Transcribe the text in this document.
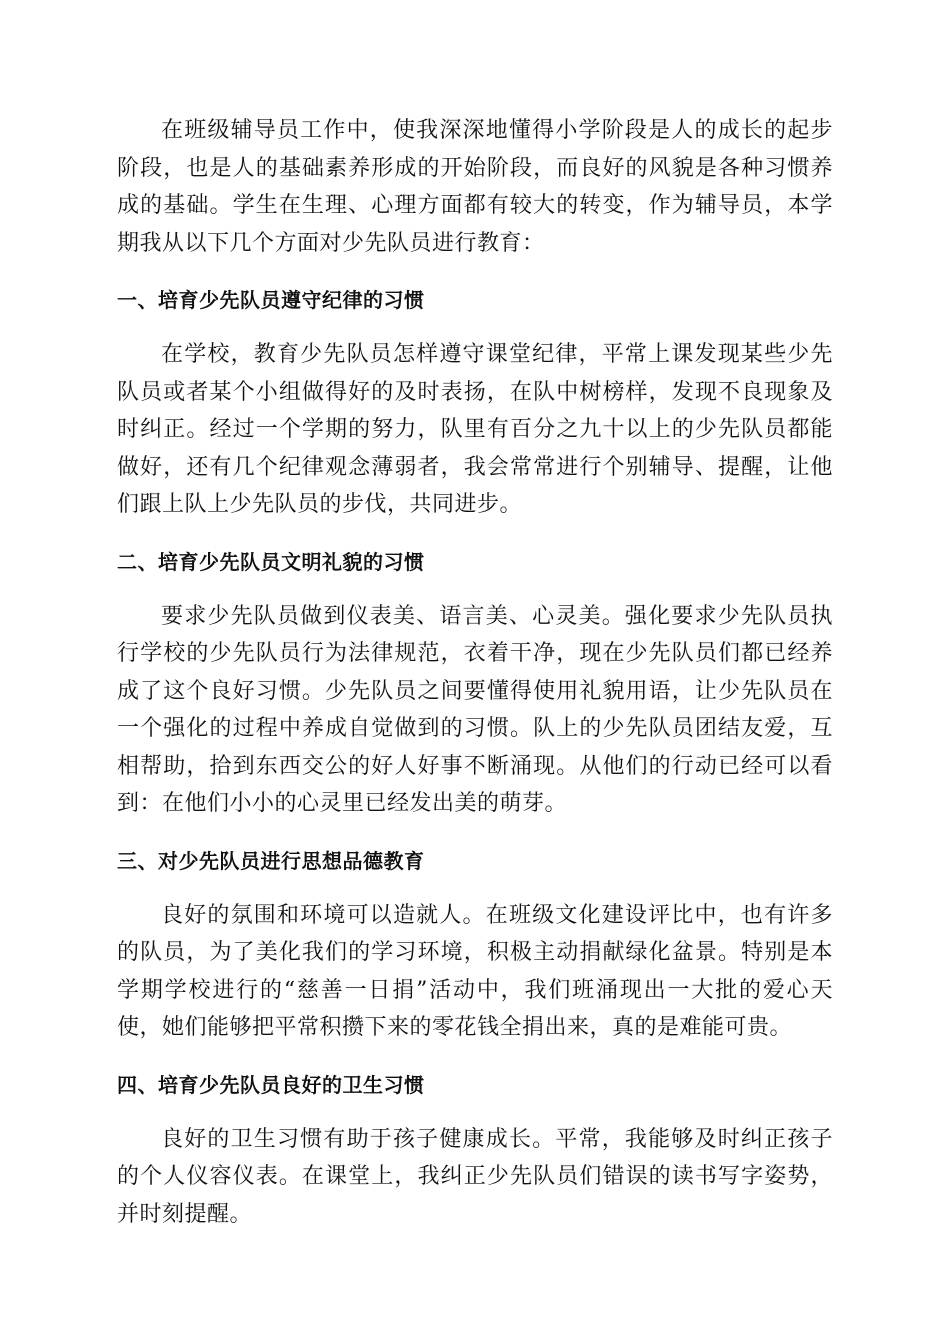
在班级辅导员工作中，使我深深地懂得小学阶段是人的成长的起步阶段，也是人的基础素养形成的开始阶段，而良好的风貌是各种习惯养成的基础。学生在生理、心理方面都有较大的转变，作为辅导员，本学期我从以下几个方面对少先队员进行教育：

一、培育少先队员遵守纪律的习惯

在学校，教育少先队员怎样遵守课堂纪律，平常上课发现某些少先队员或者某个小组做得好的及时表扬，在队中树榜样，发现不良现象及时纠正。经过一个学期的努力，队里有百分之九十以上的少先队员都能做好，还有几个纪律观念薄弱者，我会常常进行个别辅导、提醒，让他们跟上队上少先队员的步伐，共同进步。

二、培育少先队员文明礼貌的习惯

要求少先队员做到仪表美、语言美、心灵美。强化要求少先队员执行学校的少先队员行为法律规范，衣着干净，现在少先队员们都已经养成了这个良好习惯。少先队员之间要懂得使用礼貌用语，让少先队员在一个强化的过程中养成自觉做到的习惯。队上的少先队员团结友爱，互相帮助，拾到东西交公的好人好事不断涌现。从他们的行动已经可以看到：在他们小小的心灵里已经发出美的萌芽。

三、对少先队员进行思想品德教育

良好的氛围和环境可以造就人。在班级文化建设评比中，也有许多的队员，为了美化我们的学习环境，积极主动捐献绿化盆景。特别是本学期学校进行的“慈善一日捐”活动中，我们班涌现出一大批的爱心天使，她们能够把平常积攒下来的零花钱全捐出来，真的是难能可贵。

四、培育少先队员良好的卫生习惯

良好的卫生习惯有助于孩子健康成长。平常，我能够及时纠正孩子的个人仪容仪表。在课堂上，我纠正少先队员们错误的读书写字姿势，并时刻提醒。
